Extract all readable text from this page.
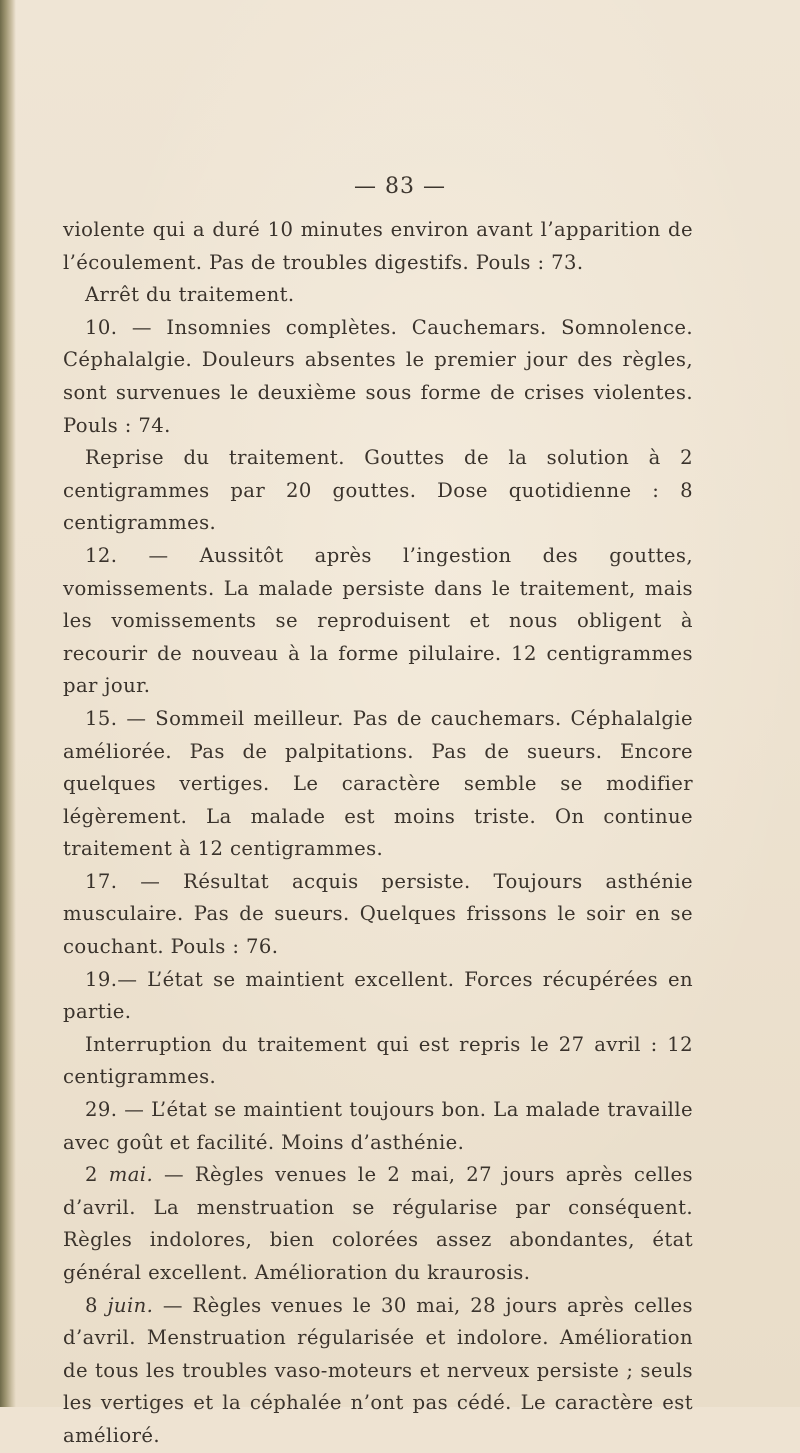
— 83 —

violente qui a duré 10 minutes environ avant l’apparition de l’écoulement. Pas de troubles digestifs. Pouls : 73.

Arrêt du traitement.

10. — Insomnies complètes. Cauchemars. Somnolence. Céphalalgie. Douleurs absentes le premier jour des règles, sont survenues le deuxième sous forme de crises violentes. Pouls : 74.

Reprise du traitement. Gouttes de la solution à 2 centigrammes par 20 gouttes. Dose quotidienne : 8 centigrammes.

12. — Aussitôt après l’ingestion des gouttes, vomissements. La malade persiste dans le traitement, mais les vomissements se reproduisent et nous obligent à recourir de nouveau à la forme pilulaire. 12 centigrammes par jour.

15. — Sommeil meilleur. Pas de cauchemars. Céphalalgie améliorée. Pas de palpitations. Pas de sueurs. Encore quelques vertiges. Le caractère semble se modifier légèrement. La malade est moins triste. On continue traitement à 12 centigrammes.

17. — Résultat acquis persiste. Toujours asthénie musculaire. Pas de sueurs. Quelques frissons le soir en se couchant. Pouls : 76.

19.— L’état se maintient excellent. Forces récupérées en partie.

Interruption du traitement qui est repris le 27 avril : 12 centigrammes.

29. — L’état se maintient toujours bon. La malade travaille avec goût et facilité. Moins d’asthénie.

2 mai. — Règles venues le 2 mai, 27 jours après celles d’avril. La menstruation se régularise par conséquent. Règles indolores, bien colorées assez abondantes, état général excellent. Amélioration du kraurosis.

8 juin. — Règles venues le 30 mai, 28 jours après celles d’avril. Menstruation régularisée et indolore. Amélioration de tous les troubles vaso-moteurs et nerveux persiste ; seuls les vertiges et la céphalée n’ont pas cédé. Le caractère est amélioré.
